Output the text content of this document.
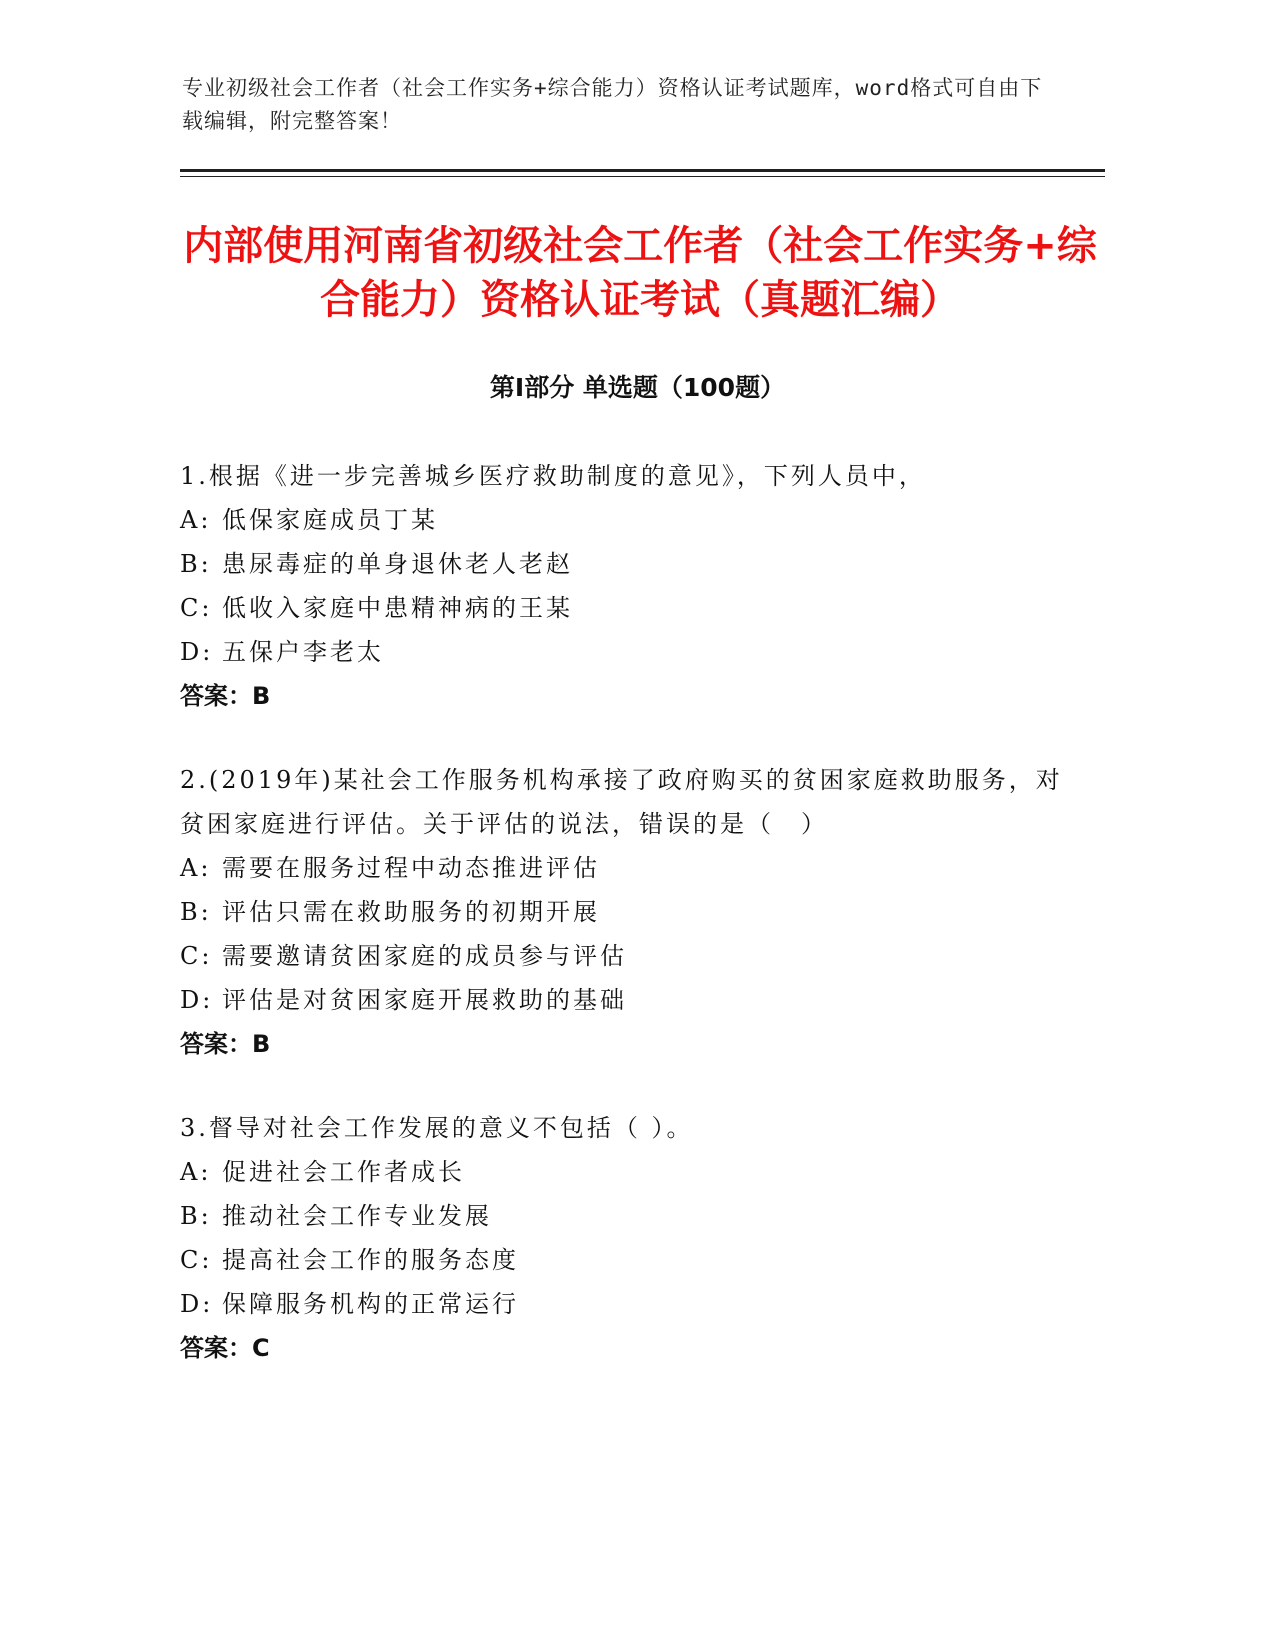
专业初级社会工作者（社会工作实务+综合能力）资格认证考试题库，word格式可自由下载编辑，附完整答案！
内部使用河南省初级社会工作者（社会工作实务+综合能力）资格认证考试（真题汇编）
第Ⅰ部分 单选题（100题）
1.根据《进一步完善城乡医疗救助制度的意见》，下列人员中，
A: 低保家庭成员丁某
B: 患尿毒症的单身退休老人老赵
C: 低收入家庭中患精神病的王某
D: 五保户李老太
答案：B
2.(2019年)某社会工作服务机构承接了政府购买的贫困家庭救助服务，对贫困家庭进行评估。关于评估的说法，错误的是（　）
A: 需要在服务过程中动态推进评估
B: 评估只需在救助服务的初期开展
C: 需要邀请贫困家庭的成员参与评估
D: 评估是对贫困家庭开展救助的基础
答案：B
3.督导对社会工作发展的意义不包括（ ）。
A: 促进社会工作者成长
B: 推动社会工作专业发展
C: 提高社会工作的服务态度
D: 保障服务机构的正常运行
答案：C
